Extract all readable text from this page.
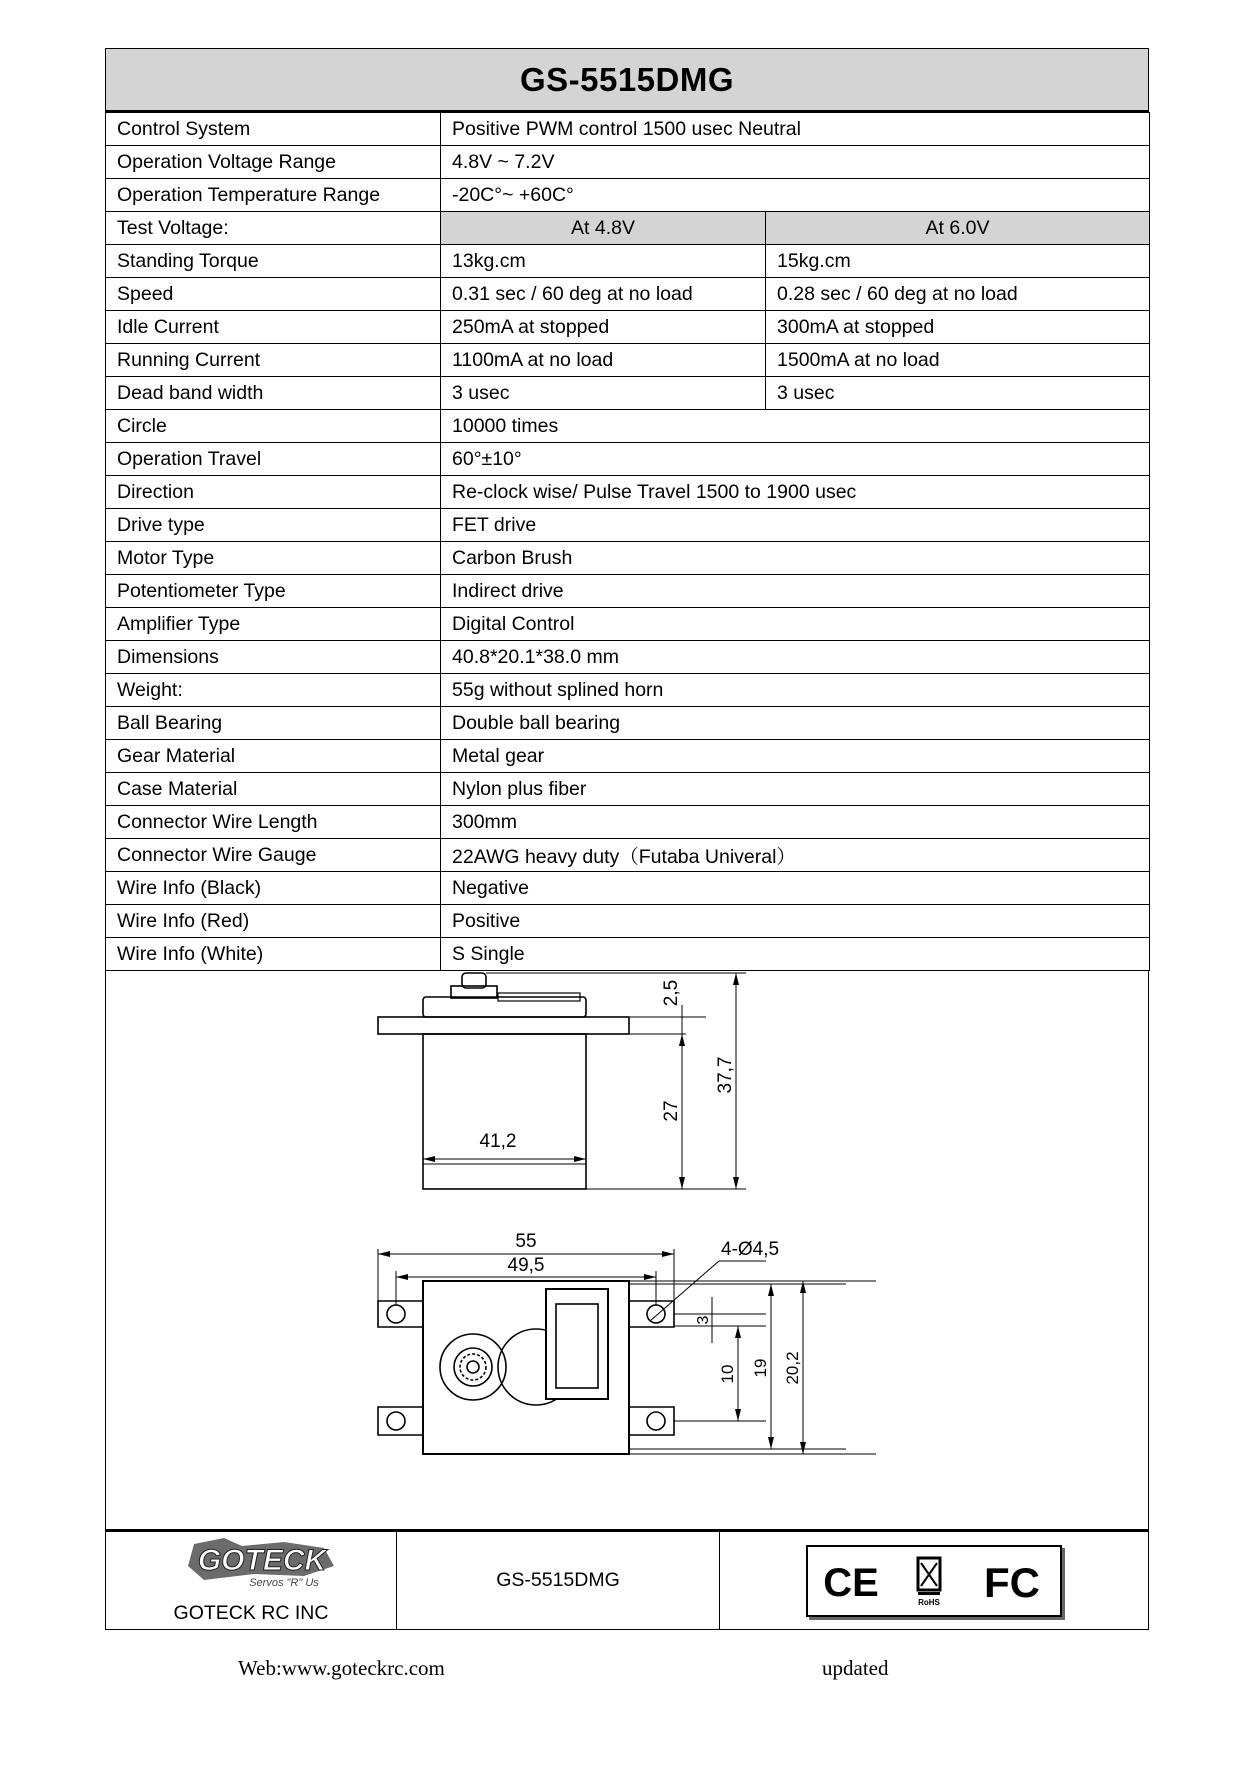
GS-5515DMG
Control System	Positive PWM control 1500 usec Neutral	
Operation Voltage Range	4.8V ~ 7.2V	
Operation Temperature Range	-20C°~ +60C°	
Test Voltage:	At 4.8V	At 6.0V
Standing Torque	13kg.cm	15kg.cm
Speed	0.31 sec / 60 deg at no load	0.28 sec / 60 deg at no load
Idle Current	250mA at stopped	300mA at stopped
Running Current	1100mA at no load	1500mA at no load
Dead band width	3 usec	3 usec
Circle	10000 times	
Operation Travel	60°±10°	
Direction	Re-clock wise/ Pulse Travel 1500 to 1900 usec	
Drive type	FET drive	
Motor Type	Carbon Brush	
Potentiometer Type	Indirect drive	
Amplifier Type	Digital Control	
Dimensions	40.8*20.1*38.0 mm	
Weight:	55g without splined horn	
Ball Bearing	Double ball bearing	
Gear Material	Metal gear	
Case Material	Nylon plus fiber	
Connector Wire Length	300mm	
Connector Wire Gauge	22AWG heavy duty（Futaba Univeral）	
Wire Info (Black)	Negative	
Wire Info (Red)	Positive	
Wire Info (White)	S Single	
41,2
2,5
27
37,7
55
49,5
4-Ø4,5
3
10 19 20,2
GOTECK
Servos "R" Us
GOTECK RC INC
GS-5515DMG	CE	RoHS FC
Web:www.goteckrc.com	updated
